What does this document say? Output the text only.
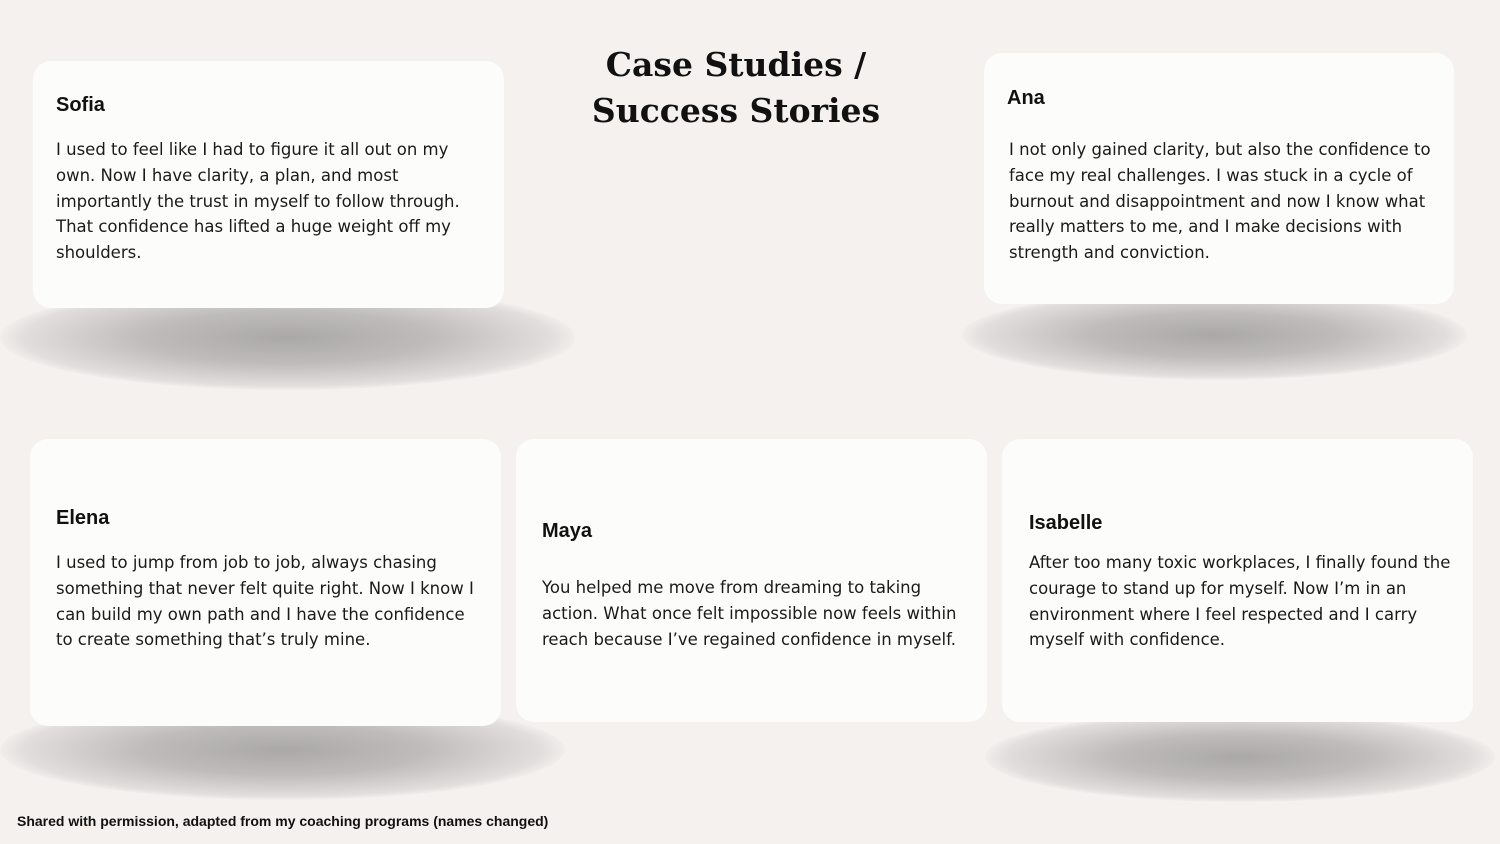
Case Studies / Success Stories
Sofia

I used to feel like I had to figure it all out on my own. Now I have clarity, a plan, and most importantly the trust in myself to follow through. That confidence has lifted a huge weight off my shoulders.

Ana

I not only gained clarity, but also the confidence to face my real challenges. I was stuck in a cycle of burnout and disappointment and now I know what really matters to me, and I make decisions with strength and conviction.

Elena

I used to jump from job to job, always chasing something that never felt quite right. Now I know I can build my own path and I have the confidence to create something that’s truly mine.

Maya

You helped me move from dreaming to taking action. What once felt impossible now feels within reach because I’ve regained confidence in myself.

Isabelle

After too many toxic workplaces, I finally found the courage to stand up for myself. Now I’m in an environment where I feel respected and I carry myself with confidence.

Shared with permission, adapted from my coaching programs (names changed)
